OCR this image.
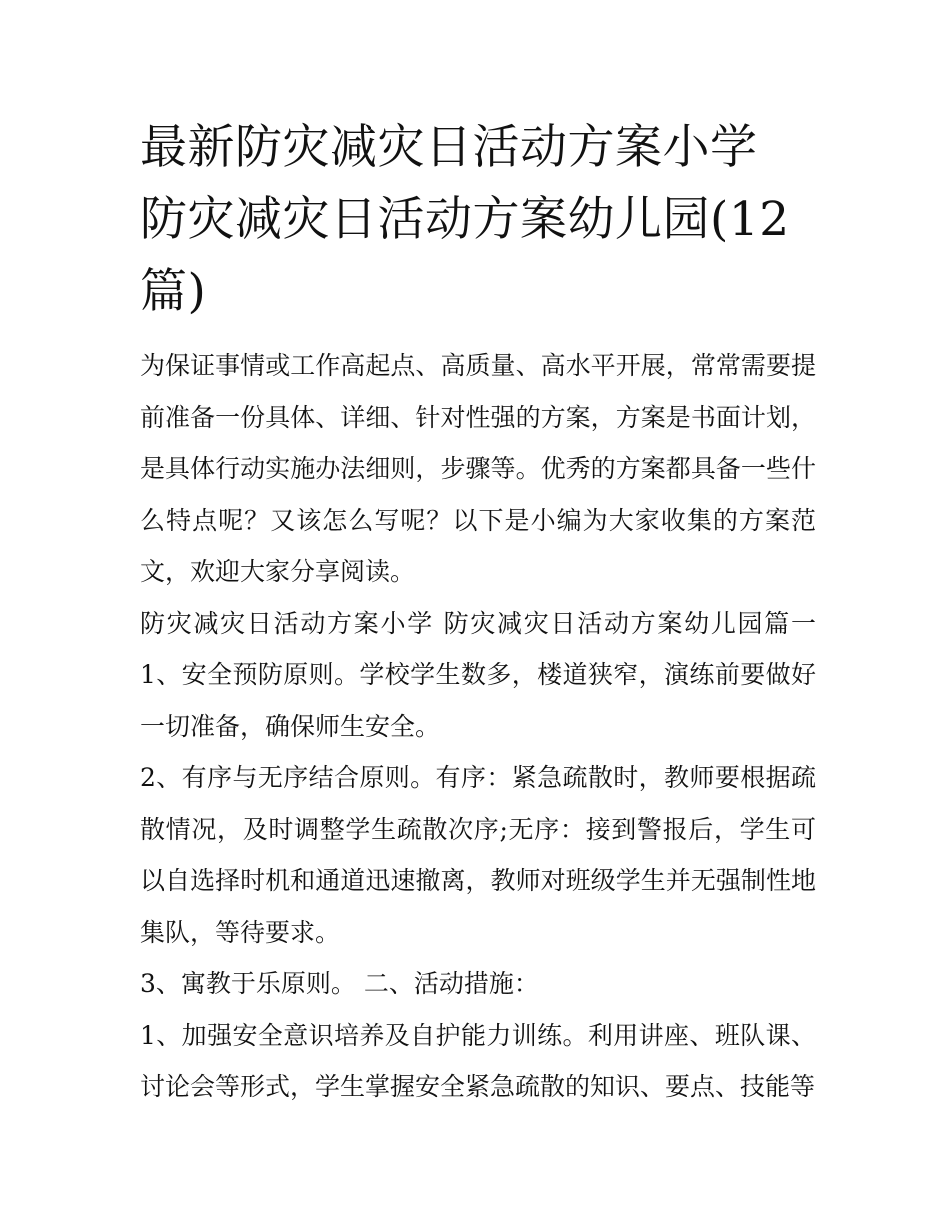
最新防灾减灾日活动方案小学 防灾减灾日活动方案幼儿园(12篇)

为保证事情或工作高起点、高质量、高水平开展，常常需要提前准备一份具体、详细、针对性强的方案，方案是书面计划，是具体行动实施办法细则，步骤等。优秀的方案都具备一些什么特点呢？又该怎么写呢？以下是小编为大家收集的方案范文，欢迎大家分享阅读。

防灾减灾日活动方案小学 防灾减灾日活动方案幼儿园篇一 1、安全预防原则。学校学生数多，楼道狭窄，演练前要做好一切准备，确保师生安全。

2、有序与无序结合原则。有序：紧急疏散时，教师要根据疏散情况，及时调整学生疏散次序;无序：接到警报后，学生可以自选择时机和通道迅速撤离，教师对班级学生并无强制性地集队，等待要求。

3、寓教于乐原则。 二、活动措施：

1、加强安全意识培养及自护能力训练。利用讲座、班队课、讨论会等形式，学生掌握安全紧急疏散的知识、要点、技能等
